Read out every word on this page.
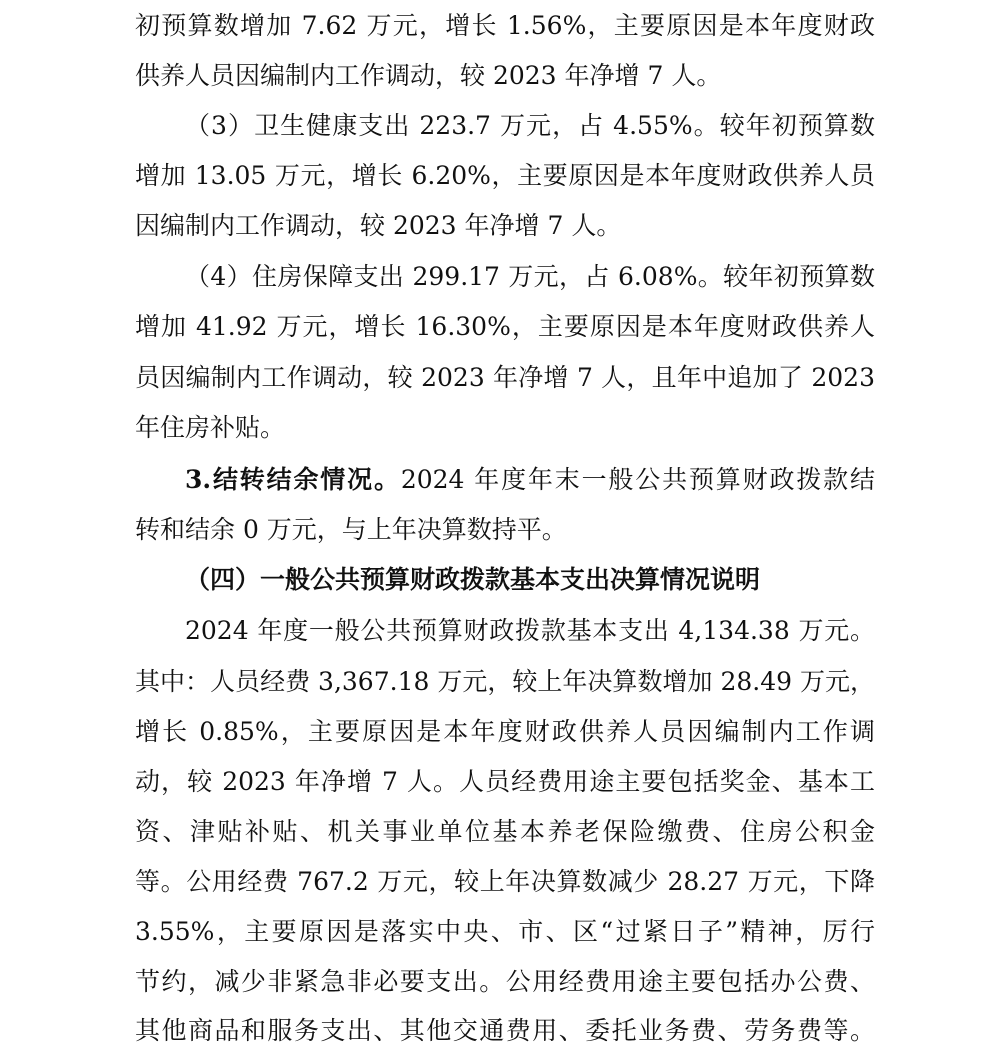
初预算数增加 7.62 万元，增长 1.56%，主要原因是本年度财政
供养人员因编制内工作调动，较 2023 年净增 7 人。
（3）卫生健康支出 223.7 万元，占 4.55%。较年初预算数
增加 13.05 万元，增长 6.20%，主要原因是本年度财政供养人员
因编制内工作调动，较 2023 年净增 7 人。
（4）住房保障支出 299.17 万元，占 6.08%。较年初预算数
增加 41.92 万元，增长 16.30%，主要原因是本年度财政供养人
员因编制内工作调动，较 2023 年净增 7 人，且年中追加了 2023
年住房补贴。
3.结转结余情况。2024 年度年末一般公共预算财政拨款结
转和结余 0 万元，与上年决算数持平。
（四）一般公共预算财政拨款基本支出决算情况说明
2024 年度一般公共预算财政拨款基本支出 4,134.38 万元。
其中：人员经费 3,367.18 万元，较上年决算数增加 28.49 万元，
增长 0.85%，主要原因是本年度财政供养人员因编制内工作调
动，较 2023 年净增 7 人。人员经费用途主要包括奖金、基本工
资、津贴补贴、机关事业单位基本养老保险缴费、住房公积金
等。公用经费 767.2 万元，较上年决算数减少 28.27 万元，下降
3.55%，主要原因是落实中央、市、区“过紧日子”精神，厉行
节约，减少非紧急非必要支出。公用经费用途主要包括办公费、
其他商品和服务支出、其他交通费用、委托业务费、劳务费等。
